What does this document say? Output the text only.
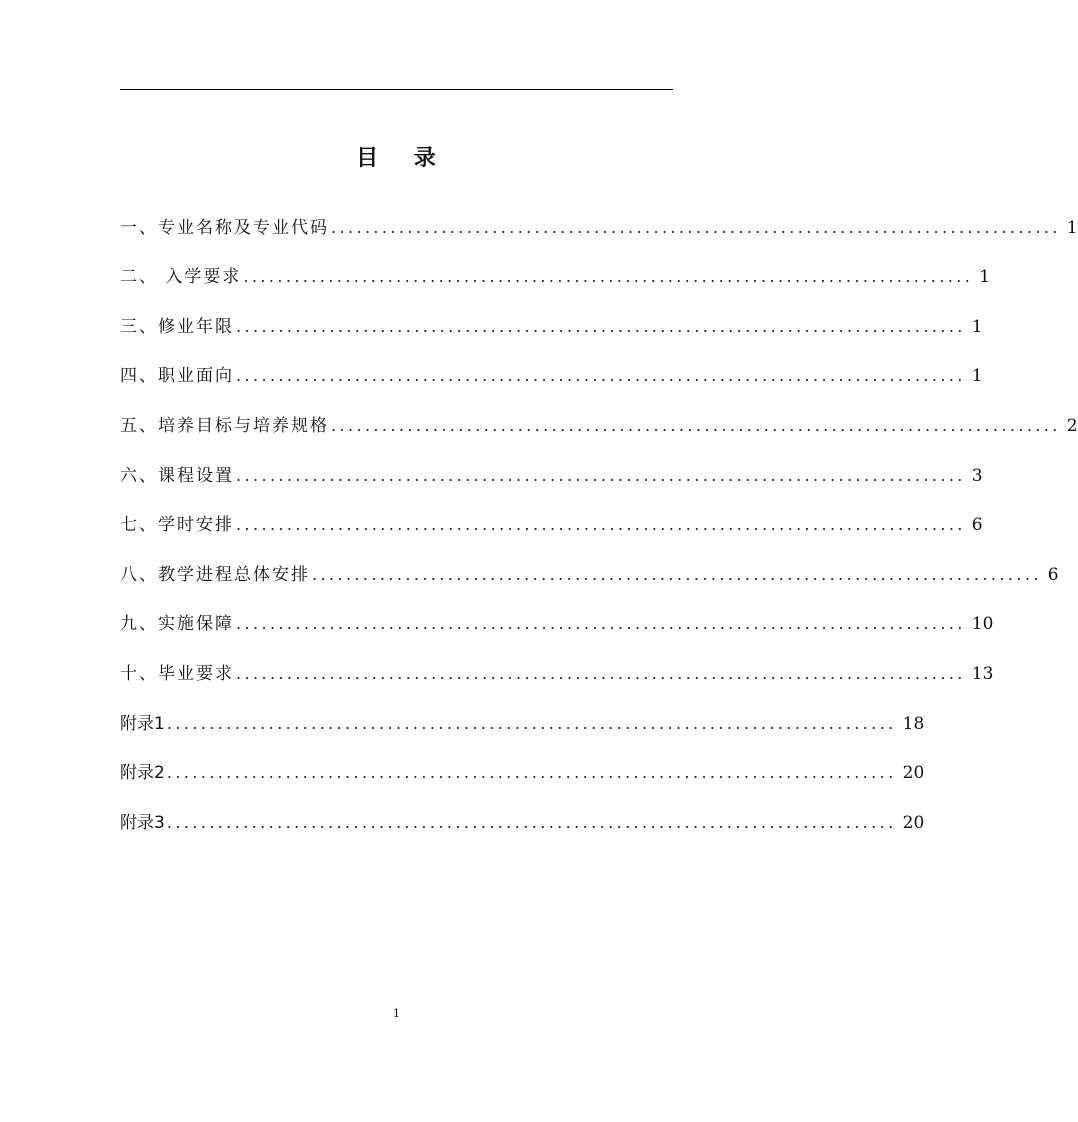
目    录
一、专业名称及专业代码 ...................................................................................... 1
二、 入学要求 ...................................................................................... 1
三、修业年限 ...................................................................................... 1
四、职业面向 ...................................................................................... 1
五、培养目标与培养规格 ...................................................................................... 2
六、课程设置 ...................................................................................... 3
七、学时安排 ...................................................................................... 6
八、教学进程总体安排 ...................................................................................... 6
九、实施保障 ...................................................................................... 10
十、毕业要求 ...................................................................................... 13
附录1 ...................................................................................... 18
附录2 ...................................................................................... 20
附录3 ...................................................................................... 20
1
